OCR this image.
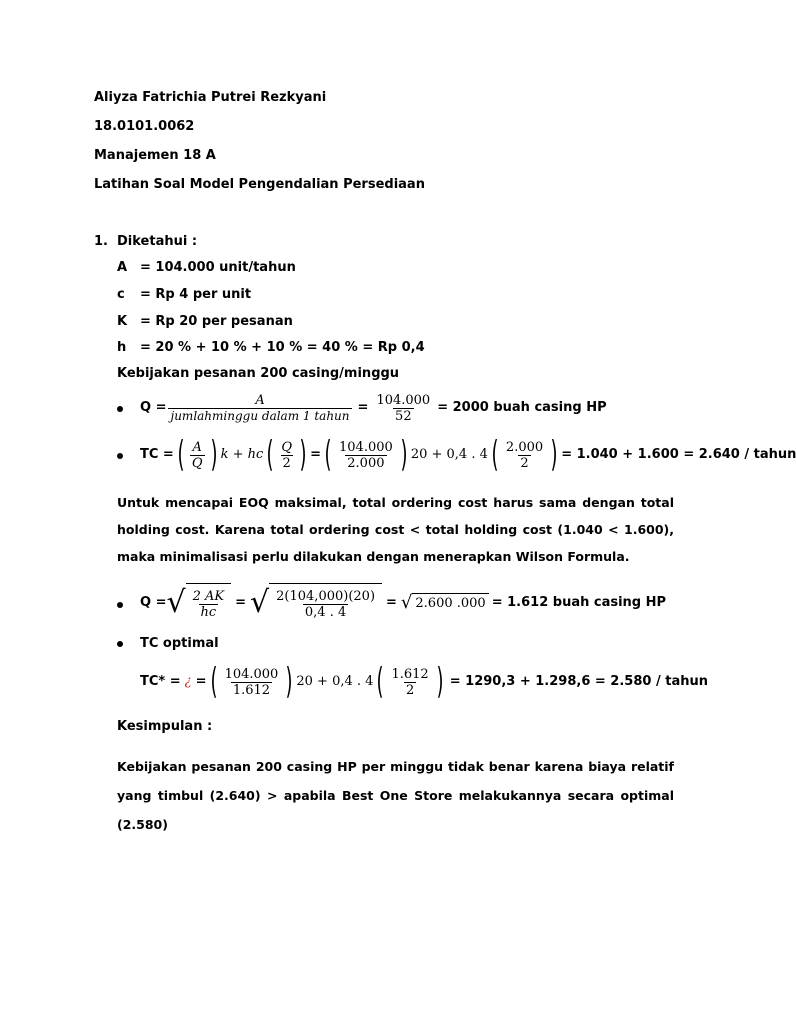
Aliyza Fatrichia Putrei Rezkyani
18.0101.0062
Manajemen 18 A
Latihan Soal Model Pengendalian Persediaan
1. Diketahui :
A = 104.000 unit/tahun
c = Rp 4 per unit
K = Rp 20 per pesanan
h = 20 % + 10 % + 10 % = 40 % = Rp 0,4
Kebijakan pesanan 200 casing/minggu
$Q = \frac{A}{\text{jumlahminggu dalam 1 tahun}} = \frac{104.000}{52} = 2000$ buah casing HP
TC = ( $\frac{A}{Q}$ ) k + hc ( $\frac{Q}{2}$ ) = ( $\frac{104.000}{2.000}$ ) 20 + 0,4 . 4 ( $\frac{2.000}{2}$ ) = 1.040 + 1.600 = 2.640 / tahun
Untuk mencapai EOQ maksimal, total ordering cost harus sama dengan total holding cost. Karena total ordering cost < total holding cost (1.040 < 1.600), maka minimalisasi perlu dilakukan dengan menerapkan Wilson Formula.
Q = √ $\frac{2 AK}{hc}$ = √ $\frac{2(104,000)(20)}{0,4 . 4}$ = √ 2.600 .000 = 1.612 buah casing HP
TC optimal
TC* = ¿ = ( $\frac{104.000}{1.612}$ ) 20 + 0,4 . 4 ( $\frac{1.612}{2}$ ) = 1290,3 + 1.298,6 = 2.580 / tahun
Kesimpulan :
Kebijakan pesanan 200 casing HP per minggu tidak benar karena biaya relatif yang timbul (2.640) > apabila Best One Store melakukannya secara optimal (2.580)
